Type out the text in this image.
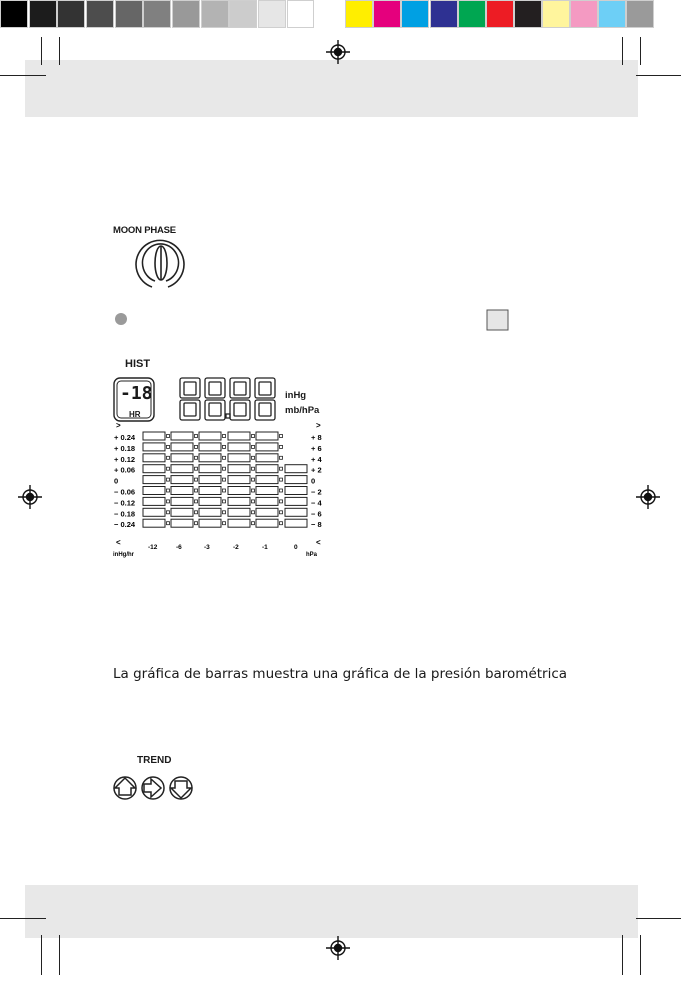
>	>
<	<
+ 0.24
+ 0.18
+ 0.12
+ 0.06
0
− 0.06
− 0.12
− 0.18
− 0.24
+ 8
+ 6
+ 4
+ 2
0
− 2
− 4
− 6
− 8
-12	-6	-3	-2	-1	0
inHg/hr	hPa
MOON PHASE
HIST
-18
HR
inHg
mb/hPa
La gráfica de barras muestra una gráfica de la presión barométrica
TREND
